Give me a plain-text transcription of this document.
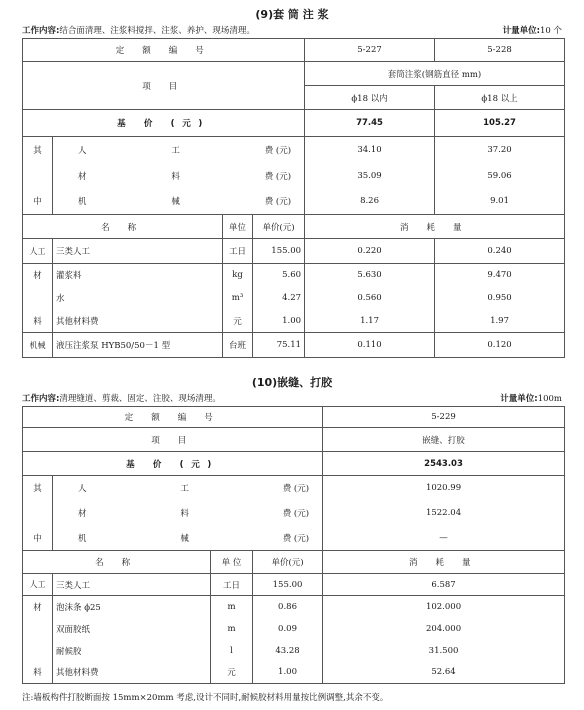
(9)套 筒 注 浆
工作内容:结合面清理、注浆料搅拌、注浆、养护、现场清理。	计量单位:10 个
定 额 编 号				5-227	5-228
项 目				套筒注浆(钢筋直径 mm)	
				ϕ18 以内	ϕ18 以上
基 价 (元)				77.45	105.27
其	人 工 费 (元)			34.10	37.20

	材 料 费 (元)			35.09	59.06
中	机 械 费 (元)			8.26	9.01
名 称		单位	单价(元)	消 耗 量	
人工	三类人工	工日	155.00	0.220	0.240
材	灌浆料	kg	5.60	5.630	9.470
	水	m³	4.27	0.560	0.950
料	其他材料费	元	1.00	1.17	1.97
机械	液压注浆泵 HYB50/50－1 型	台班	75.11	0.110	0.120
(10)嵌缝、打胶
工作内容:清理缝道、剪裁、固定、注胶、现场清理。	计量单位:100m
定 额 编 号				5-229
项 目				嵌缝、打胶
基 价 (元)				2543.03
其	人 工 费 (元)			1020.99

	材 料 费 (元)			1522.04
中	机 械 费 (元)			—
名 称		单 位	单价(元)	消 耗 量
人工	三类人工	工日	155.00	6.587
材	泡沫条 ϕ25	m	0.86	102.000
	双面胶纸	m	0.09	204.000
	耐候胶	l	43.28	31.500
料	其他材料费	元	1.00	52.64
注:墙板构件打胶断面按 15mm×20mm 考虑,设计不同时,耐候胶材料用量按比例调整,其余不变。
